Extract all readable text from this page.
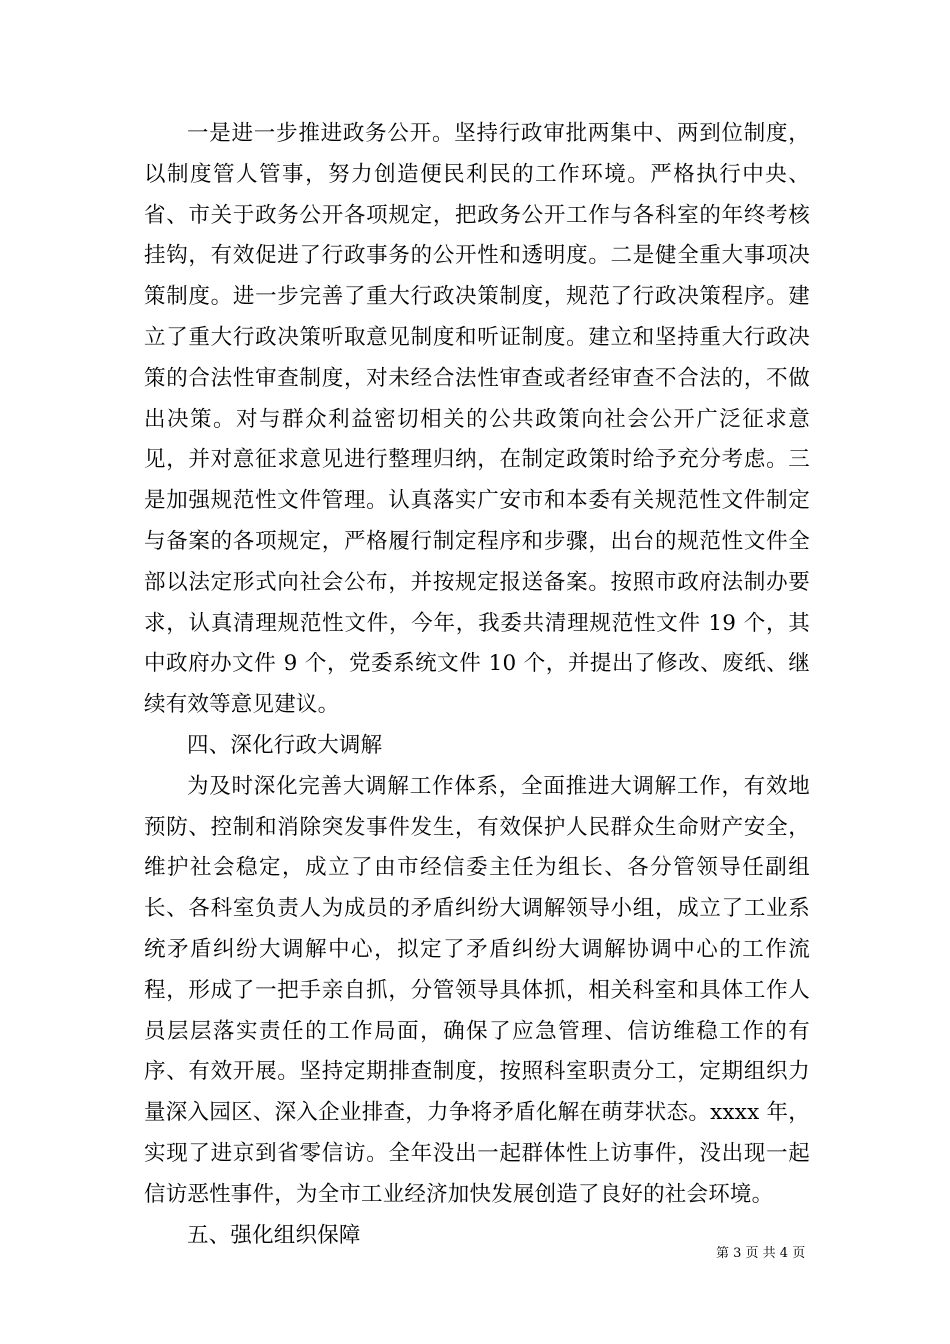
一是进一步推进政务公开。坚持行政审批两集中、两到位制度，以制度管人管事，努力创造便民利民的工作环境。严格执行中央、省、市关于政务公开各项规定，把政务公开工作与各科室的年终考核挂钩，有效促进了行政事务的公开性和透明度。二是健全重大事项决策制度。进一步完善了重大行政决策制度，规范了行政决策程序。建立了重大行政决策听取意见制度和听证制度。建立和坚持重大行政决策的合法性审查制度，对未经合法性审查或者经审查不合法的，不做出决策。对与群众利益密切相关的公共政策向社会公开广泛征求意见，并对意征求意见进行整理归纳，在制定政策时给予充分考虑。三是加强规范性文件管理。认真落实广安市和本委有关规范性文件制定与备案的各项规定，严格履行制定程序和步骤，出台的规范性文件全部以法定形式向社会公布，并按规定报送备案。按照市政府法制办要求，认真清理规范性文件，今年，我委共清理规范性文件 19 个，其中政府办文件 9 个，党委系统文件 10 个，并提出了修改、废纸、继续有效等意见建议。

四、深化行政大调解

为及时深化完善大调解工作体系，全面推进大调解工作，有效地预防、控制和消除突发事件发生，有效保护人民群众生命财产安全，维护社会稳定，成立了由市经信委主任为组长、各分管领导任副组长、各科室负责人为成员的矛盾纠纷大调解领导小组，成立了工业系统矛盾纠纷大调解中心，拟定了矛盾纠纷大调解协调中心的工作流程，形成了一把手亲自抓，分管领导具体抓，相关科室和具体工作人员层层落实责任的工作局面，确保了应急管理、信访维稳工作的有序、有效开展。坚持定期排查制度，按照科室职责分工，定期组织力量深入园区、深入企业排查，力争将矛盾化解在萌芽状态。xxxx 年，实现了进京到省零信访。全年没出一起群体性上访事件，没出现一起信访恶性事件，为全市工业经济加快发展创造了良好的社会环境。

五、强化组织保障

第 3 页 共 4 页
